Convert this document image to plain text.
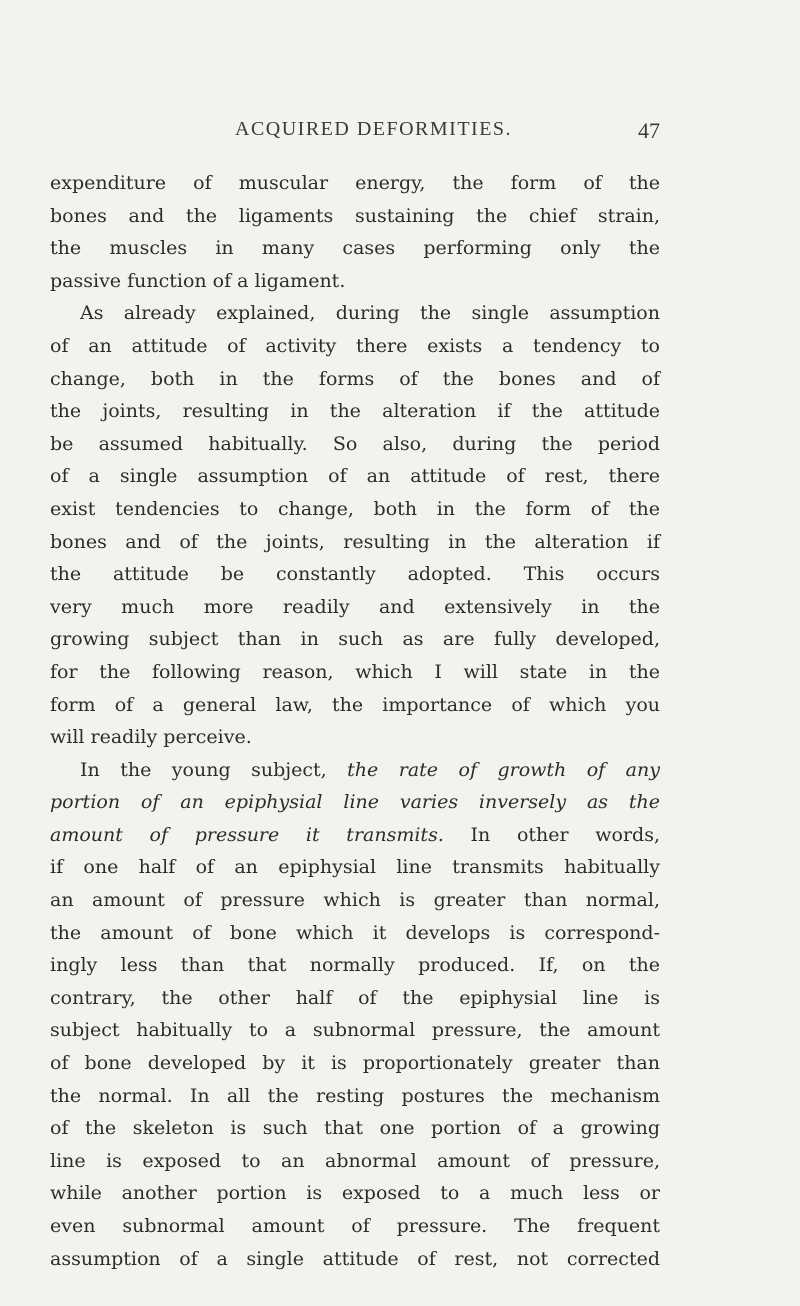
ACQUIRED DEFORMITIES.	47
expenditure of muscular energy, the form of the
bones and the ligaments sustaining the chief strain,
the muscles in many cases performing only the
passive function of a ligament.
As already explained, during the single assumption
of an attitude of activity there exists a tendency to
change, both in the forms of the bones and of
the joints, resulting in the alteration if the attitude
be assumed habitually. So also, during the period
of a single assumption of an attitude of rest, there
exist tendencies to change, both in the form of the
bones and of the joints, resulting in the alteration if
the attitude be constantly adopted. This occurs
very much more readily and extensively in the
growing subject than in such as are fully developed,
for the following reason, which I will state in the
form of a general law, the importance of which you
will readily perceive.
In the young subject, the rate of growth of any
portion of an epiphysial line varies inversely as the
amount of pressure it transmits. In other words,
if one half of an epiphysial line transmits habitually
an amount of pressure which is greater than normal,
the amount of bone which it develops is correspond-
ingly less than that normally produced. If, on the
contrary, the other half of the epiphysial line is
subject habitually to a subnormal pressure, the amount
of bone developed by it is proportionately greater than
the normal. In all the resting postures the mechanism
of the skeleton is such that one portion of a growing
line is exposed to an abnormal amount of pressure,
while another portion is exposed to a much less or
even subnormal amount of pressure. The frequent
assumption of a single attitude of rest, not corrected
